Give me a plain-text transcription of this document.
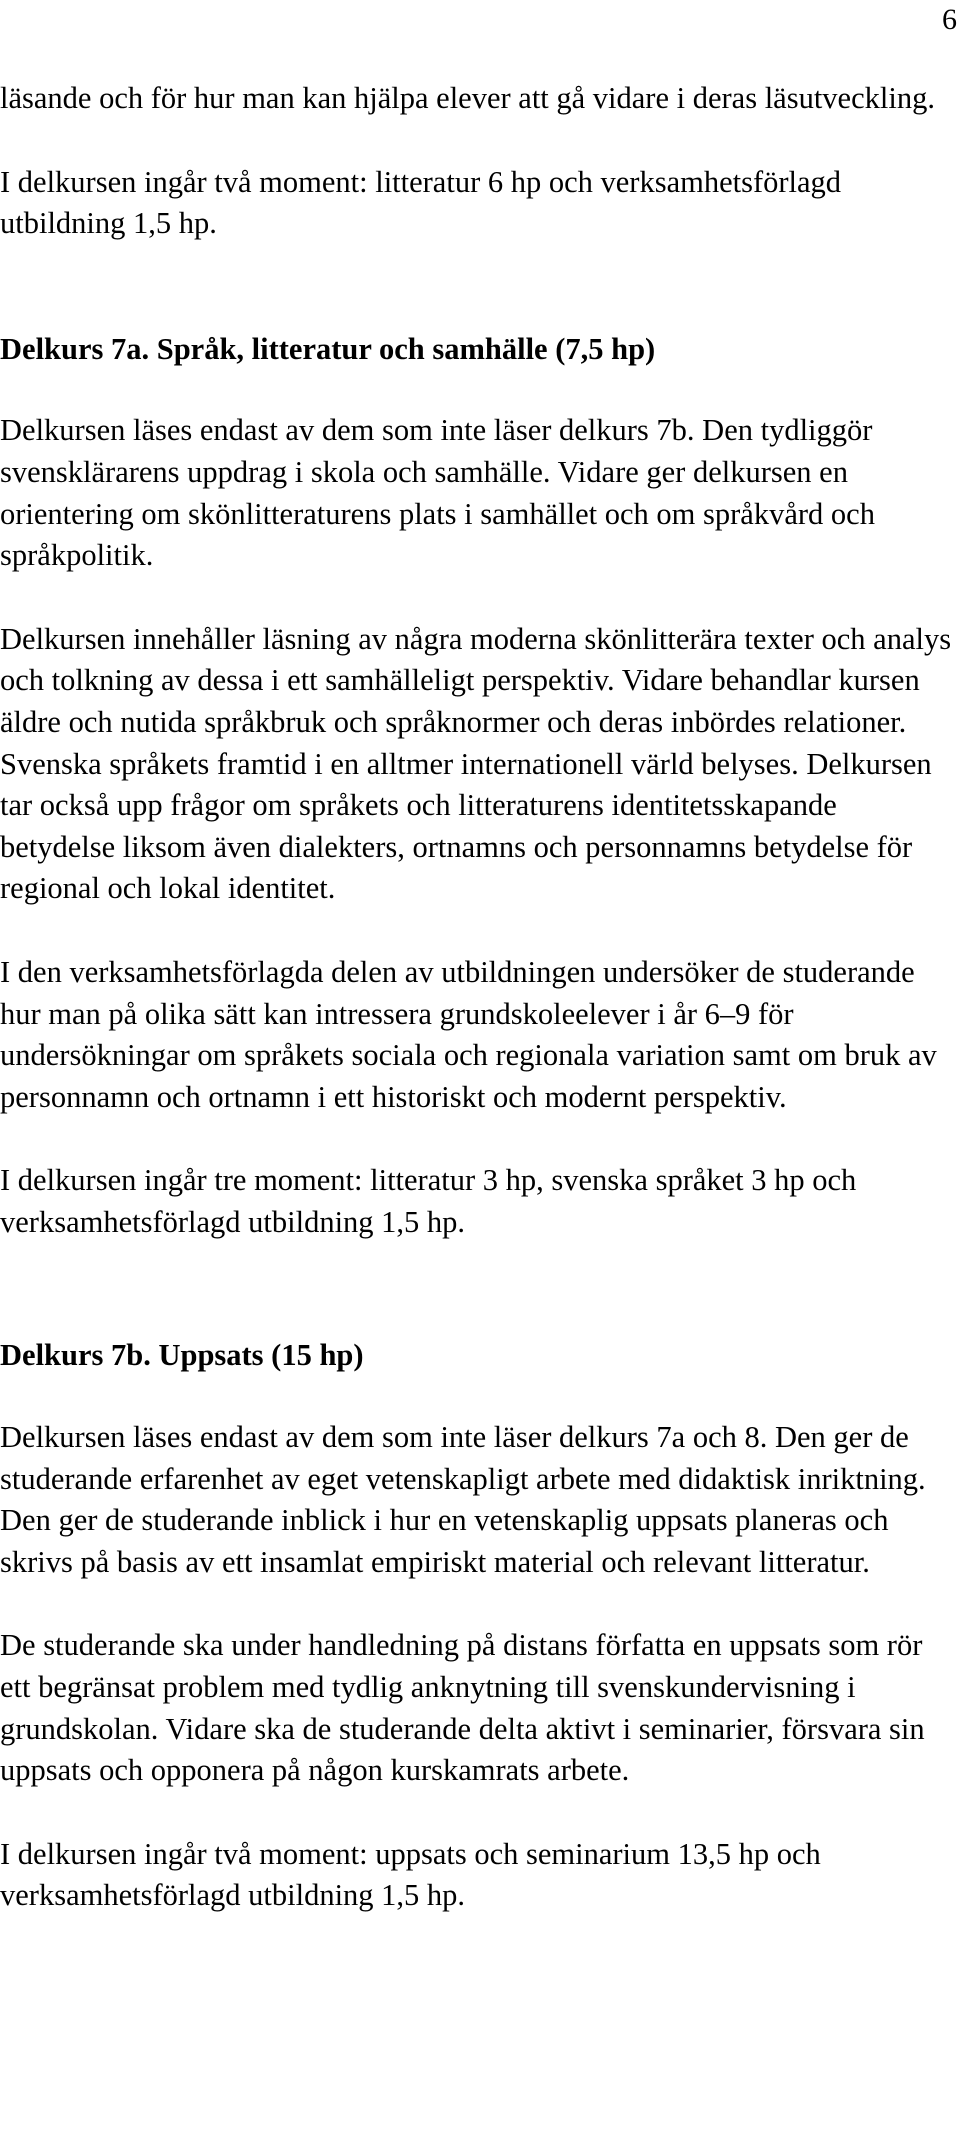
6

läsande och för hur man kan hjälpa elever att gå vidare i deras läsutveckling.

I delkursen ingår två moment: litteratur 6 hp och verksamhetsförlagd utbildning 1,5 hp.

Delkurs 7a. Språk, litteratur och samhälle (7,5 hp)

Delkursen läses endast av dem som inte läser delkurs 7b. Den tydliggör svensklärarens uppdrag i skola och samhälle. Vidare ger delkursen en orientering om skönlitteraturens plats i samhället och om språkvård och språkpolitik.

Delkursen innehåller läsning av några moderna skönlitterära texter och analys och tolkning av dessa i ett samhälleligt perspektiv. Vidare behandlar kursen äldre och nutida språkbruk och språknormer och deras inbördes relationer. Svenska språkets framtid i en alltmer internationell värld belyses. Delkursen tar också upp frågor om språkets och litteraturens identitetsskapande betydelse liksom även dialekters, ortnamns och personnamns betydelse för regional och lokal identitet.

I den verksamhetsförlagda delen av utbildningen undersöker de studerande hur man på olika sätt kan intressera grundskoleelever i år 6–9 för undersökningar om språkets sociala och regionala variation samt om bruk av personnamn och ortnamn i ett historiskt och modernt perspektiv.

I delkursen ingår tre moment: litteratur 3 hp, svenska språket 3 hp och verksamhetsförlagd utbildning 1,5 hp.

Delkurs 7b. Uppsats (15 hp)

Delkursen läses endast av dem som inte läser delkurs 7a och 8. Den ger de studerande erfarenhet av eget vetenskapligt arbete med didaktisk inriktning. Den ger de studerande inblick i hur en vetenskaplig uppsats planeras och skrivs på basis av ett insamlat empiriskt material och relevant litteratur.

De studerande ska under handledning på distans författa en uppsats som rör ett begränsat problem med tydlig anknytning till svenskundervisning i grundskolan. Vidare ska de studerande delta aktivt i seminarier, försvara sin uppsats och opponera på någon kurskamrats arbete.

I delkursen ingår två moment: uppsats och seminarium 13,5 hp och verksamhetsförlagd utbildning 1,5 hp.
